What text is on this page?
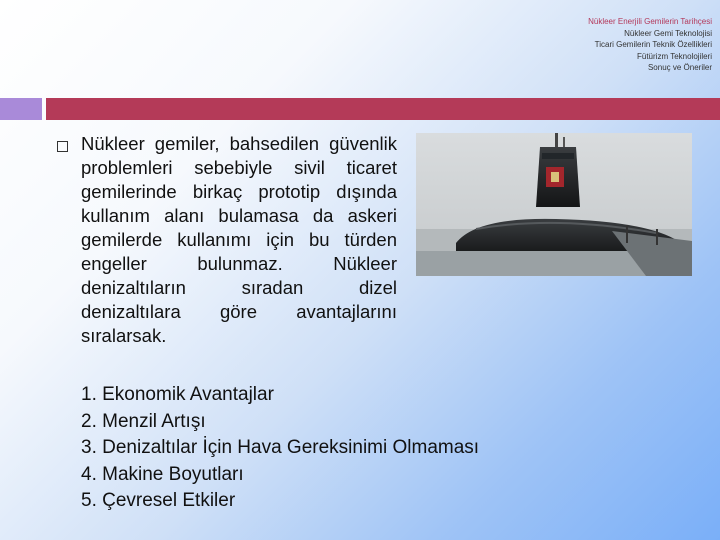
Nükleer Enerjili Gemilerin Tarihçesi
Nükleer Gemi Teknolojisi
Ticari Gemilerin Teknik Özellikleri
Fütürizm Teknolojileri
Sonuç ve Öneriler

Nükleer gemiler, bahsedilen güvenlik problemleri sebebiyle sivil ticaret gemilerinde birkaç prototip dışında kullanım alanı bulamasa da askeri gemilerde kullanımı için bu türden engeller bulunmaz. Nükleer denizaltıların sıradan dizel denizaltılara göre avantajlarını sıralarsak.

1. Ekonomik Avantajlar
2. Menzil Artışı
3. Denizaltılar İçin Hava Gereksinimi Olmaması
4. Makine Boyutları
5. Çevresel Etkiler
